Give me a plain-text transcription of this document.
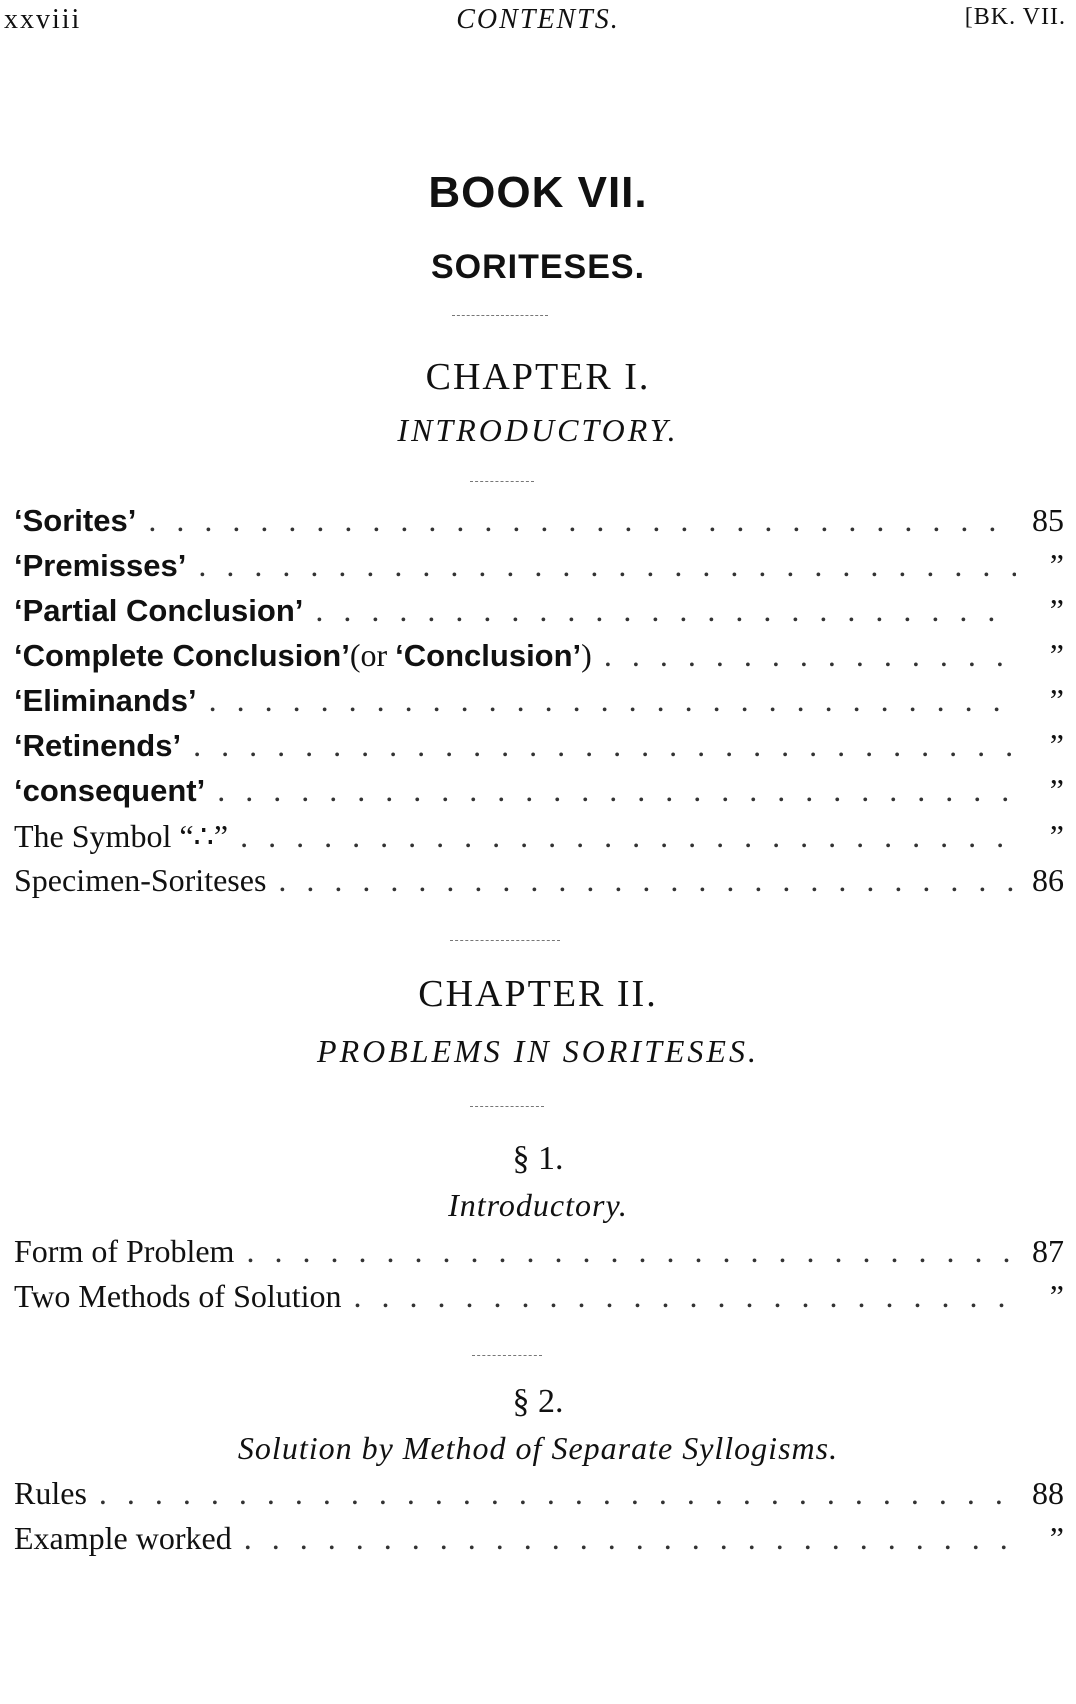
xxviii	CONTENTS.	[BK. VII.
BOOK VII.
SORITESES.
CHAPTER I.
INTRODUCTORY.
‘Sorites’ . . .	85
‘Premisses’ . . .	”
‘Partial Conclusion’ . . .	”
‘Complete Conclusion’(or ‘Conclusion’) . . .	”
‘Eliminands’ . . .	”
‘Retinends’ . . .	”
‘consequent’ . . .	”
The Symbol “∴” . . .	”
Specimen-Soriteses . . .	86
CHAPTER II.
PROBLEMS IN SORITESES.
§ 1.
Introductory.
Form of Problem . . .	87
Two Methods of Solution . . .	”
§ 2.
Solution by Method of Separate Syllogisms.
Rules . . .	88
Example worked . . .	”
